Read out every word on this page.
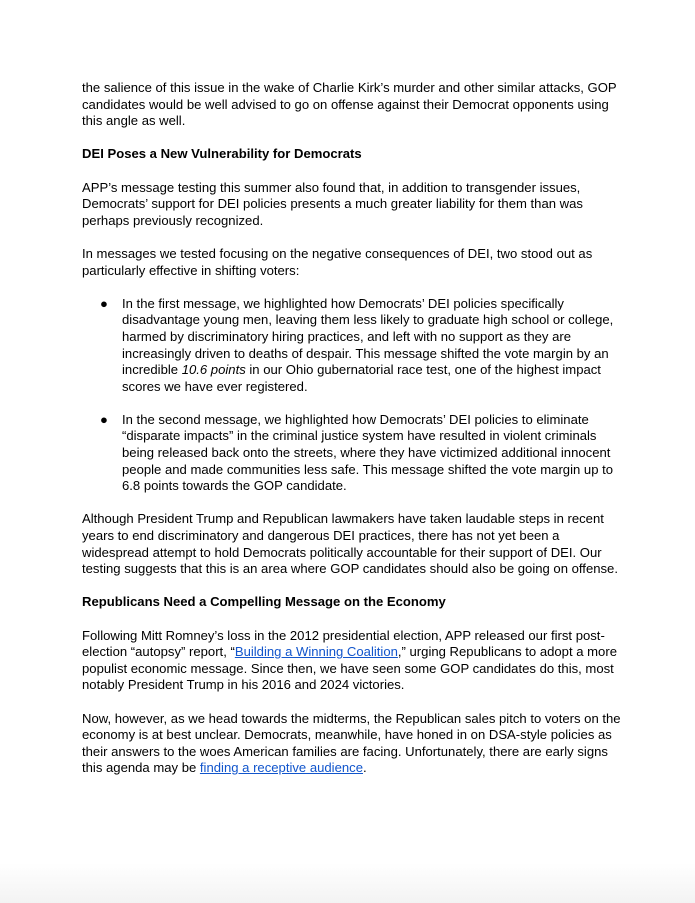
the salience of this issue in the wake of Charlie Kirk’s murder and other similar attacks, GOP candidates would be well advised to go on offense against their Democrat opponents using this angle as well.

DEI Poses a New Vulnerability for Democrats

APP’s message testing this summer also found that, in addition to transgender issues, Democrats’ support for DEI policies presents a much greater liability for them than was perhaps previously recognized.

In messages we tested focusing on the negative consequences of DEI, two stood out as particularly effective in shifting voters:

● In the first message, we highlighted how Democrats’ DEI policies specifically disadvantage young men, leaving them less likely to graduate high school or college, harmed by discriminatory hiring practices, and left with no support as they are increasingly driven to deaths of despair. This message shifted the vote margin by an incredible 10.6 points in our Ohio gubernatorial race test, one of the highest impact scores we have ever registered.
● In the second message, we highlighted how Democrats’ DEI policies to eliminate “disparate impacts” in the criminal justice system have resulted in violent criminals being released back onto the streets, where they have victimized additional innocent people and made communities less safe. This message shifted the vote margin up to 6.8 points towards the GOP candidate.

Although President Trump and Republican lawmakers have taken laudable steps in recent years to end discriminatory and dangerous DEI practices, there has not yet been a widespread attempt to hold Democrats politically accountable for their support of DEI. Our testing suggests that this is an area where GOP candidates should also be going on offense.

Republicans Need a Compelling Message on the Economy

Following Mitt Romney’s loss in the 2012 presidential election, APP released our first post-election “autopsy” report, “Building a Winning Coalition,” urging Republicans to adopt a more populist economic message. Since then, we have seen some GOP candidates do this, most notably President Trump in his 2016 and 2024 victories.

Now, however, as we head towards the midterms, the Republican sales pitch to voters on the economy is at best unclear. Democrats, meanwhile, have honed in on DSA-style policies as their answers to the woes American families are facing. Unfortunately, there are early signs this agenda may be finding a receptive audience.
